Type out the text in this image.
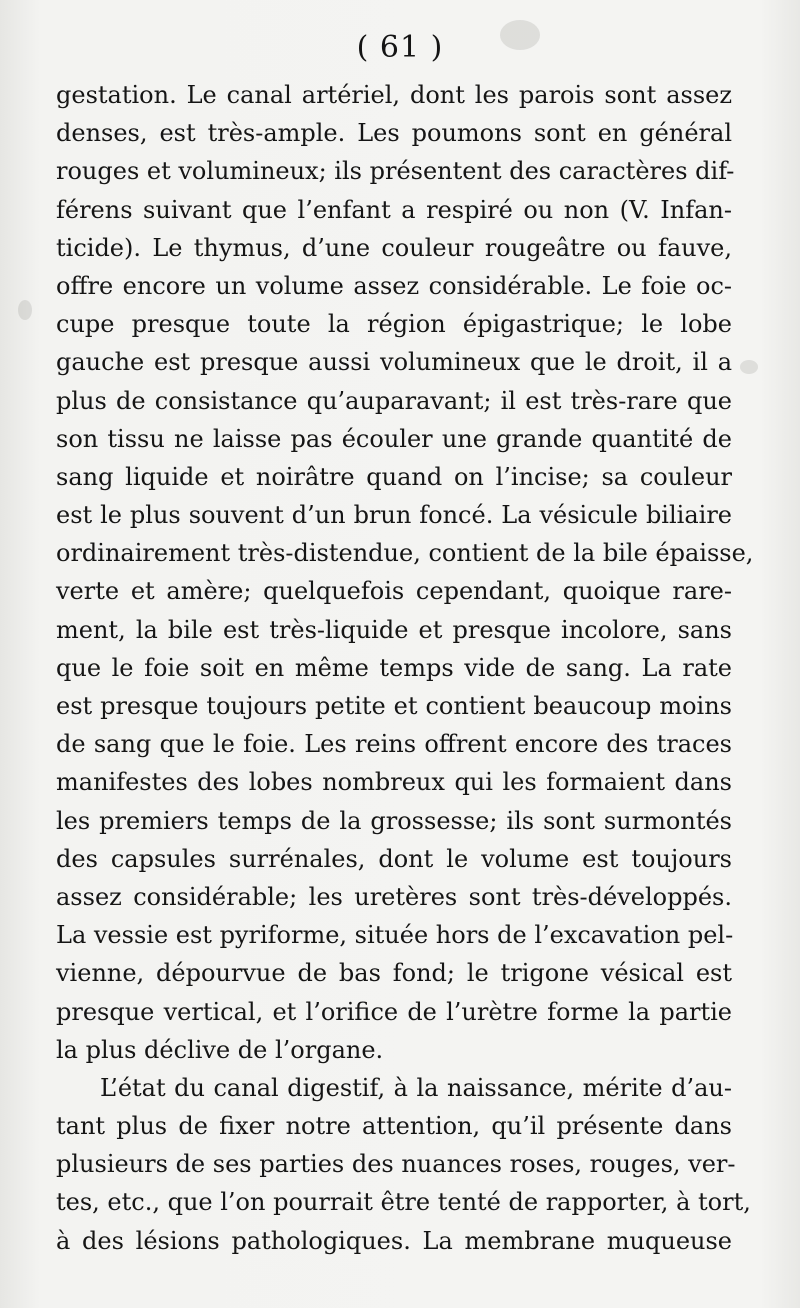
( 61 )
gestation. Le canal artériel, dont les parois sont assez
denses, est très-ample. Les poumons sont en général
rouges et volumineux; ils présentent des caractères dif-
férens suivant que l’enfant a respiré ou non (V. Infan-
ticide). Le thymus, d’une couleur rougeâtre ou fauve,
offre encore un volume assez considérable. Le foie oc-
cupe presque toute la région épigastrique; le lobe
gauche est presque aussi volumineux que le droit, il a
plus de consistance qu’auparavant; il est très-rare que
son tissu ne laisse pas écouler une grande quantité de
sang liquide et noirâtre quand on l’incise; sa couleur
est le plus souvent d’un brun foncé. La vésicule biliaire
ordinairement très-distendue, contient de la bile épaisse,
verte et amère; quelquefois cependant, quoique rare-
ment, la bile est très-liquide et presque incolore, sans
que le foie soit en même temps vide de sang. La rate
est presque toujours petite et contient beaucoup moins
de sang que le foie. Les reins offrent encore des traces
manifestes des lobes nombreux qui les formaient dans
les premiers temps de la grossesse; ils sont surmontés
des capsules surrénales, dont le volume est toujours
assez considérable; les uretères sont très-développés.
La vessie est pyriforme, située hors de l’excavation pel-
vienne, dépourvue de bas fond; le trigone vésical est
presque vertical, et l’orifice de l’urètre forme la partie
la plus déclive de l’organe.
L’état du canal digestif, à la naissance, mérite d’au-
tant plus de fixer notre attention, qu’il présente dans
plusieurs de ses parties des nuances roses, rouges, ver-
tes, etc., que l’on pourrait être tenté de rapporter, à tort,
à des lésions pathologiques. La membrane muqueuse
